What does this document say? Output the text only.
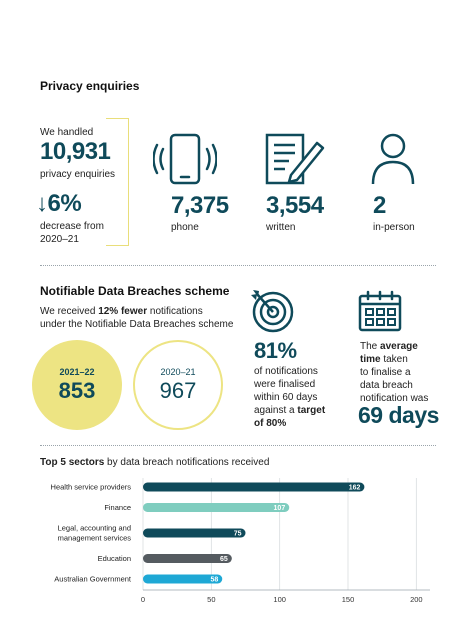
Privacy enquiries
We handled
10,931
privacy enquiries
↓6%
decrease from
2020–21
7,375
phone
3,554
written
2
in-person
Notifiable Data Breaches scheme
We received 12% fewer notifications
under the Notifiable Data Breaches scheme
2021–22
853
2020–21
967
81%
of notifications
were finalised
within 60 days
against a target
of 80%
The average
time taken
to finalise a
data breach
notification was
69 days
Top 5 sectors by data breach notifications received
0	50	100	150	200
162
Health service providers
107
Finance
75
Legal, accounting and
management services
65
Education
58
Australian Government
